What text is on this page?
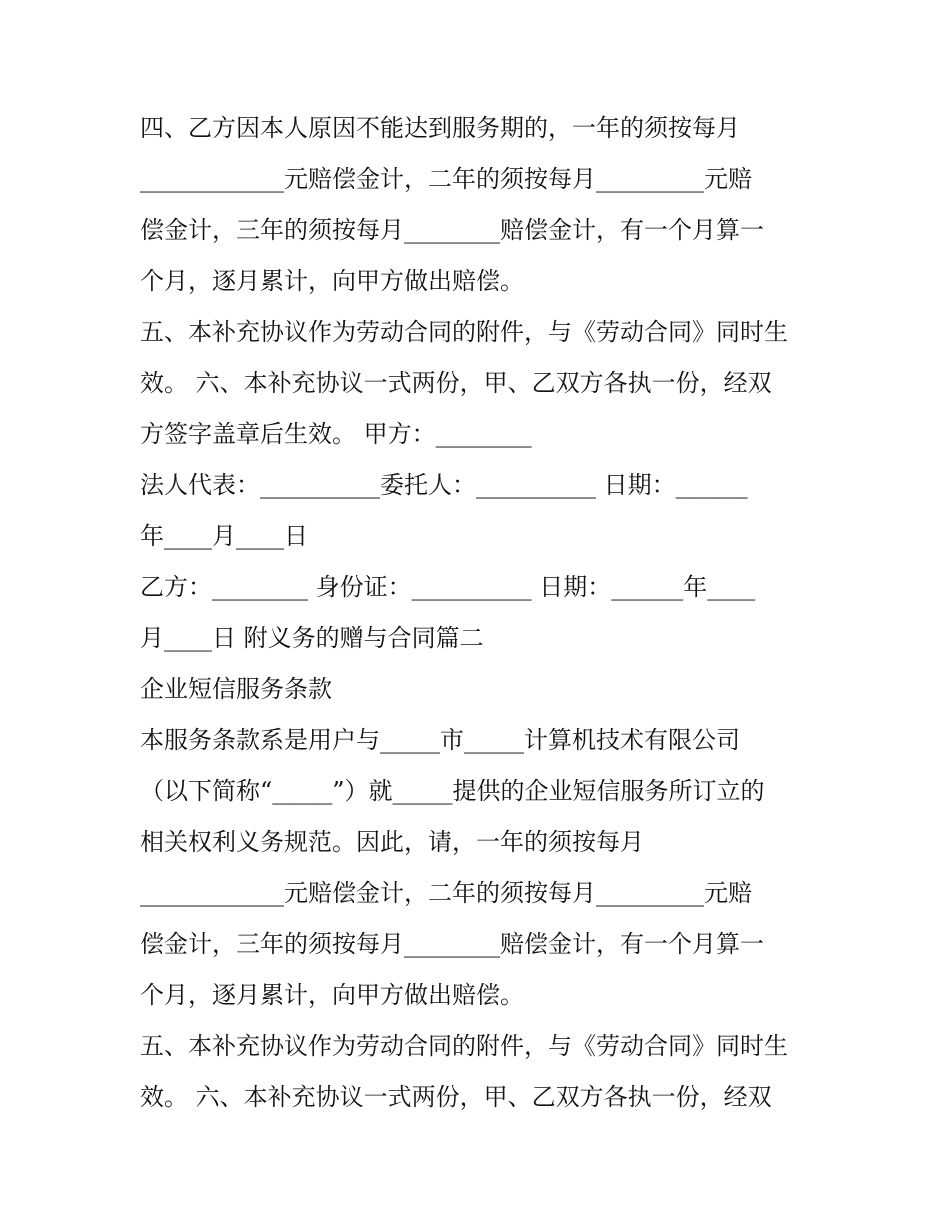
四、乙方因本人原因不能达到服务期的，一年的须按每月

____________元赔偿金计，二年的须按每月_________元赔

偿金计，三年的须按每月________赔偿金计，有一个月算一

个月，逐月累计，向甲方做出赔偿。

五、本补充协议作为劳动合同的附件，与《劳动合同》同时生

效。 六、本补充协议一式两份，甲、乙双方各执一份，经双

方签字盖章后生效。 甲方：________

法人代表：__________委托人：__________ 日期：______

年____月____日

乙方：________ 身份证：__________ 日期：______年____

月____日 附义务的赠与合同篇二

企业短信服务条款

本服务条款系是用户与_____市_____计算机技术有限公司

（以下简称“_____”）就_____提供的企业短信服务所订立的

相关权利义务规范。因此，请，一年的须按每月

____________元赔偿金计，二年的须按每月_________元赔

偿金计，三年的须按每月________赔偿金计，有一个月算一

个月，逐月累计，向甲方做出赔偿。

五、本补充协议作为劳动合同的附件，与《劳动合同》同时生

效。 六、本补充协议一式两份，甲、乙双方各执一份，经双
